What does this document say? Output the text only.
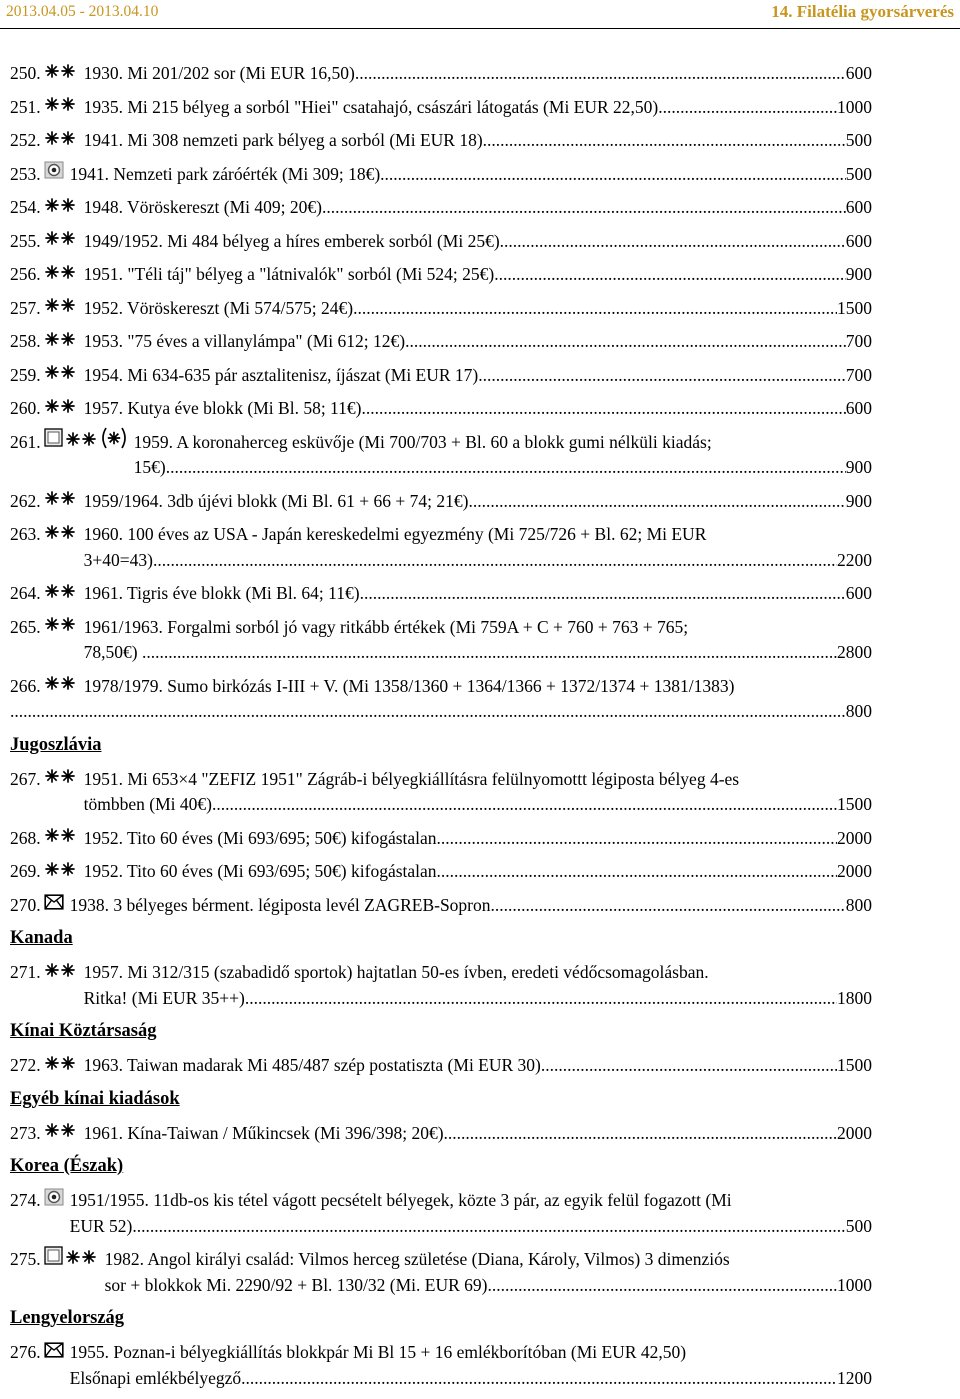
2013.04.05 - 2013.04.10	14. Filatélia gyorsárverés
250. 1930. Mi 201/202 sor (Mi EUR 16,50) .....	600
251. 1935. Mi 215 bélyeg a sorból "Hiei" csatahajó, császári látogatás (Mi EUR 22,50) .....	1000
252. 1941. Mi 308 nemzeti park bélyeg a sorból (Mi EUR 18) .....	500
253. 1941. Nemzeti park záróérték (Mi 309; 18€) .....	500
254. 1948. Vöröskereszt (Mi 409; 20€) .....	600
255. 1949/1952. Mi 484 bélyeg a híres emberek sorból (Mi 25€) .....	600
256. 1951. "Téli táj" bélyeg a "látnivalók" sorból (Mi 524; 25€) .....	900
257. 1952. Vöröskereszt (Mi 574/575; 24€) .....	1500
258. 1953. "75 éves a villanylámpa" (Mi 612; 12€) .....	700
259. 1954. Mi 634-635 pár asztalitenisz, íjászat (Mi EUR 17) .....	700
260. 1957. Kutya éve blokk (Mi Bl. 58; 11€) .....	600
261.	1959. A koronaherceg esküvője (Mi 700/703 + Bl. 60 a blokk gumi nélküli kiadás;
15€) .....	900
262. 1959/1964. 3db újévi blokk (Mi Bl. 61 + 66 + 74; 21€) .....	900
263. 1960. 100 éves az USA - Japán kereskedelmi egyezmény (Mi 725/726 + Bl. 62; Mi EUR
3+40=43) .....	2200
264. 1961. Tigris éve blokk (Mi Bl. 64; 11€) .....	600
265. 1961/1963. Forgalmi sorból jó vagy ritkább értékek (Mi 759A + C + 760 + 763 + 765;
78,50€) . .....	2800
266. 1978/1979. Sumo birkózás I-III + V. (Mi 1358/1360 + 1364/1366 + 1372/1374 + 1381/1383)
. .....	800
Jugoszlávia
267. 1951. Mi 653×4 "ZEFIZ 1951" Zágráb-i bélyegkiállításra felülnyomottt légiposta bélyeg 4-es
tömbben (Mi 40€) .....	1500
268. 1952. Tito 60 éves (Mi 693/695; 50€) kifogástalan .....	2000
269. 1952. Tito 60 éves (Mi 693/695; 50€) kifogástalan .....	2000
270. 1938. 3 bélyeges bérment. légiposta levél ZAGREB-Sopron .....	800
Kanada
271. 1957. Mi 312/315 (szabadidő sportok) hajtatlan 50-es ívben, eredeti védőcsomagolásban.
Ritka! (Mi EUR 35++) .....	1800
Kínai Köztársaság
272. 1963. Taiwan madarak Mi 485/487 szép postatiszta (Mi EUR 30) .....	1500
Egyéb kínai kiadások
273. 1961. Kína-Taiwan / Műkincsek (Mi 396/398; 20€) .....	2000
Korea (Észak)
274. 1951/1955. 11db-os kis tétel vágott pecsételt bélyegek, közte 3 pár, az egyik felül fogazott (Mi
EUR 52) .....	500
275.	1982. Angol királyi család: Vilmos herceg születése (Diana, Károly, Vilmos) 3 dimenziós
sor + blokkok Mi. 2290/92 + Bl. 130/32 (Mi. EUR 69) .....	1000
Lengyelország
276. 1955. Poznan-i bélyegkiállítás blokkpár Mi Bl 15 + 16 emlékborítóban (Mi EUR 42,50)
Elsőnapi emlékbélyegző. .....	1200
